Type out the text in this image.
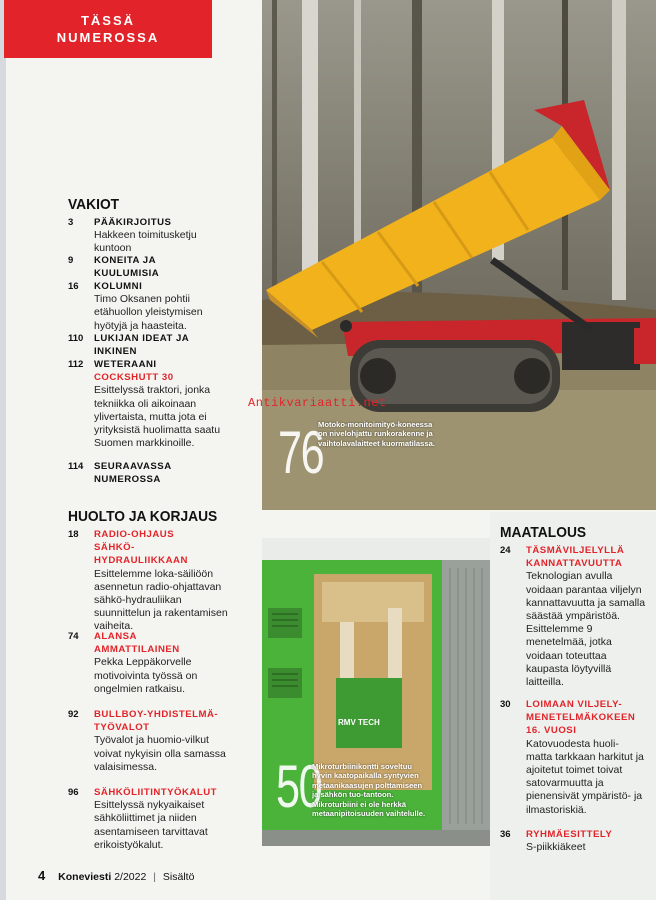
TÄSSÄ
NUMEROSSA
76
Motoko-monitoimityö-koneessa on nivelohjattu runkorakenne ja vaihtolavalaitteet kuormatilassa.
Antikvariaatti.net
VAKIOT
3	PÄÄKIRJOITUS
Hakkeen toimitusketju kuntoon
9	KONEITA JA KUULUMISIA
16	KOLUMNI
Timo Oksanen pohtii etähuollon yleistymisen hyötyjä ja haasteita.
110	LUKIJAN IDEAT JA INKINEN
112	WETERAANI
COCKSHUTT 30
Esittelyssä traktori, jonka tekniikka oli aikoinaan ylivertaista, mutta jota ei yrityksistä huolimatta saatu Suomen markkinoille.
114	SEURAAVASSA NUMEROSSA
HUOLTO JA KORJAUS
18	RADIO-OHJAUS SÄHKÖ-HYDRAULIIKKAAN
Esittelemme loka-säiliöön asennetun radio-ohjattavan sähkö-hydrauliikan suunnittelun ja rakentamisen vaiheita.
74	ALANSA AMMATTILAINEN
Pekka Leppäkorvelle motivoivinta työssä on ongelmien ratkaisu.
92	BULLBOY-YHDISTELMÄ-TYÖVALOT
Työvalot ja huomio-vilkut voivat nykyisin olla samassa valaisimessa.
96	SÄHKÖLIITINTYÖKALUT
Esittelyssä nykyaikaiset sähköliittimet ja niiden asentamiseen tarvittavat erikoistyökalut.
RMV TECH
50
Mikroturbiinikontti soveltuu hyvin kaatopaikalla syntyvien metaanikaasujen polttamiseen ja sähkön tuo-tantoon. Mikroturbiini ei ole herkkä metaanipitoisuuden vaihtelulle.
MAATALOUS
24	TÄSMÄVILJELYLLÄ KANNATTAVUUTTA
Teknologian avulla voidaan parantaa viljelyn kannattavuutta ja samalla säästää ympäristöä. Esittelemme 9 menetelmää, jotka voidaan toteuttaa kaupasta löytyvillä laitteilla.
30	LOIMAAN VILJELY-MENETELMÄKOKEEN 16. VUOSI
Katovuodesta huoli-matta tarkkaan harkitut ja ajoitetut toimet toivat satovarmuutta ja pienensivät ympäristö- ja ilmastoriskiä.
36	RYHMÄESITTELY
S-piikkiäkeet
4 Koneviesti 2/2022 | Sisältö
